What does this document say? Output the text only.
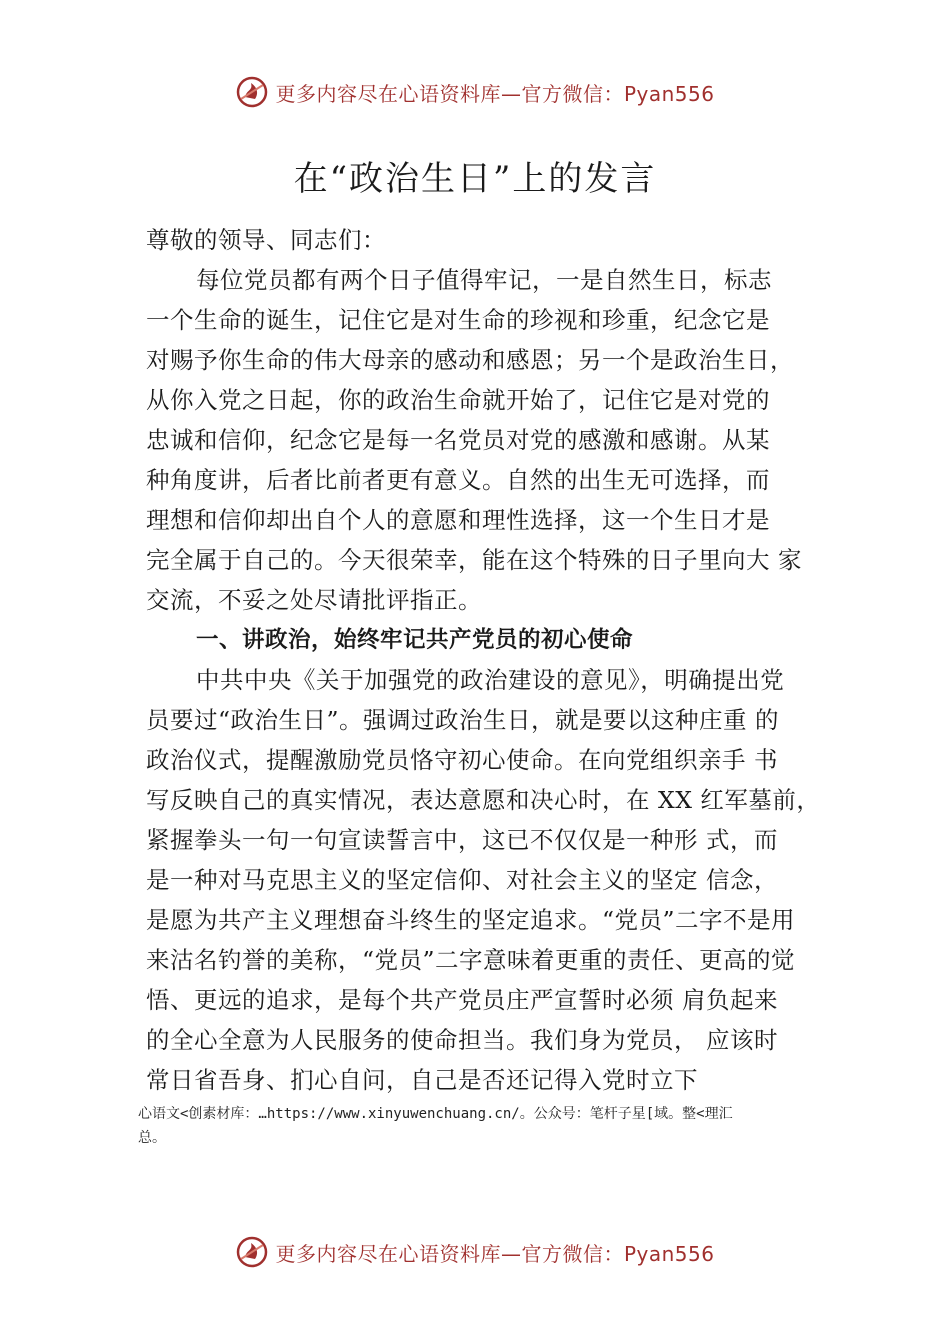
更多内容尽在心语资料库—官方微信：Pyan556
在“政治生日”上的发言
尊敬的领导、同志们：
每位党员都有两个日子值得牢记，一是自然生日，标志
一个生命的诞生，记住它是对生命的珍视和珍重，纪念它是
对赐予你生命的伟大母亲的感动和感恩；另一个是政治生日，
从你入党之日起，你的政治生命就开始了，记住它是对党的
忠诚和信仰，纪念它是每一名党员对党的感激和感谢。从某
种角度讲，后者比前者更有意义。自然的出生无可选择，而
理想和信仰却出自个人的意愿和理性选择，这一个生日才是
完全属于自己的。今天很荣幸，能在这个特殊的日子里向大 家
交流，不妥之处尽请批评指正。
一、讲政治，始终牢记共产党员的初心使命
中共中央《关于加强党的政治建设的意见》，明确提出党
员要过“政治生日”。强调过政治生日，就是要以这种庄重 的
政治仪式，提醒激励党员恪守初心使命。在向党组织亲手 书
写反映自己的真实情况，表达意愿和决心时，在 XX 红军墓前，
紧握拳头一句一句宣读誓言中，这已不仅仅是一种形 式，而
是一种对马克思主义的坚定信仰、对社会主义的坚定 信念，
是愿为共产主义理想奋斗终生的坚定追求。“党员”二字不是用
来沽名钓誉的美称，“党员”二字意味着更重的责任、更高的觉
悟、更远的追求，是每个共产党员庄严宣誓时必须 肩负起来
的全心全意为人民服务的使命担当。我们身为党员， 应该时
常日省吾身、扪心自问，自己是否还记得入党时立下
心语文<创素材库：…https://www.xinyuwenchuang.cn/。公众号：笔杆子星[域。整<理汇
总。
更多内容尽在心语资料库—官方微信：Pyan556
